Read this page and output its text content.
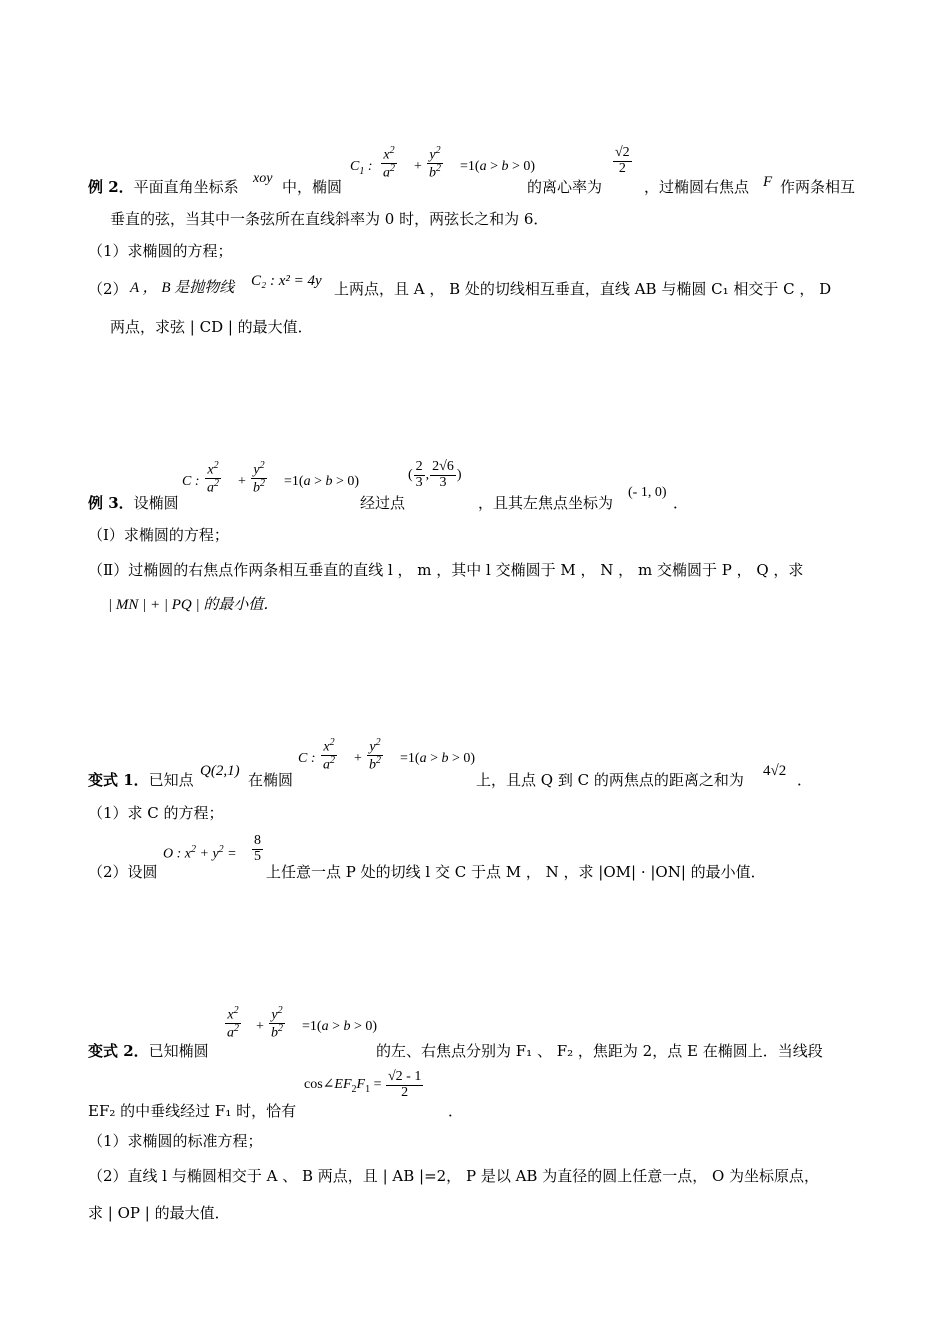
例 2．平面直角坐标系 xoy 中，椭圆
$C_1$ : $\frac{x^2}{a^2} + \frac{y^2}{b^2} =1(a > b > 0)$
的离心率为
$\frac{√2}{2}$
，过椭圆右焦点 F 作两条相互
垂直的弦，当其中一条弦所在直线斜率为 0 时，两弦长之和为 6．
（1）求椭圆的方程；
（2） A ， B 是抛物线 C₂ : x² = 4y 上两点，且 A ， B 处的切线相互垂直，直线 AB 与椭圆 C₁ 相交于 C ， D
两点，求弦 | CD | 的最大值．
例 3．设椭圆
C : $\frac{x^2}{a^2} + \frac{y^2}{b^2} =1(a > b > 0)$
经过点
( $\frac{2}{3}$ , $\frac{2√6}{3}$ )
，且其左焦点坐标为
(- 1, 0)
．
（Ⅰ）求椭圆的方程；
（Ⅱ）过椭圆的右焦点作两条相互垂直的直线 l ， m ，其中 l 交椭圆于 M ， N ， m 交椭圆于 P ， Q ，求
| MN | + | PQ | 的最小值．
变式 1．已知点 Q(2,1) 在椭圆
C : $\frac{x^2}{a^2} + \frac{y^2}{b^2} =1(a > b > 0)$
上，且点 Q 到 C 的两焦点的距离之和为 4√2 ．
（1）求 C 的方程；
（2）设圆
O : $x^2 + y^2 = \frac{8}{5}$
上任意一点 P 处的切线 l 交 C 于点 M ， N ，求 |OM| · |ON| 的最小值．
变式 2．已知椭圆
$\frac{x^2}{a^2} + \frac{y^2}{b^2} =1(a > b > 0)$
的左、右焦点分别为 F₁ 、 F₂ ，焦距为 2，点 E 在椭圆上．当线段
EF₂ 的中垂线经过 F₁ 时，恰有
$\cos\angle EF_2F_1 = \frac{√2 - 1}{2}$
．
（1）求椭圆的标准方程；
（2）直线 l 与椭圆相交于 A 、 B 两点，且 | AB |=2， P 是以 AB 为直径的圆上任意一点， O 为坐标原点，
求 | OP | 的最大值．
